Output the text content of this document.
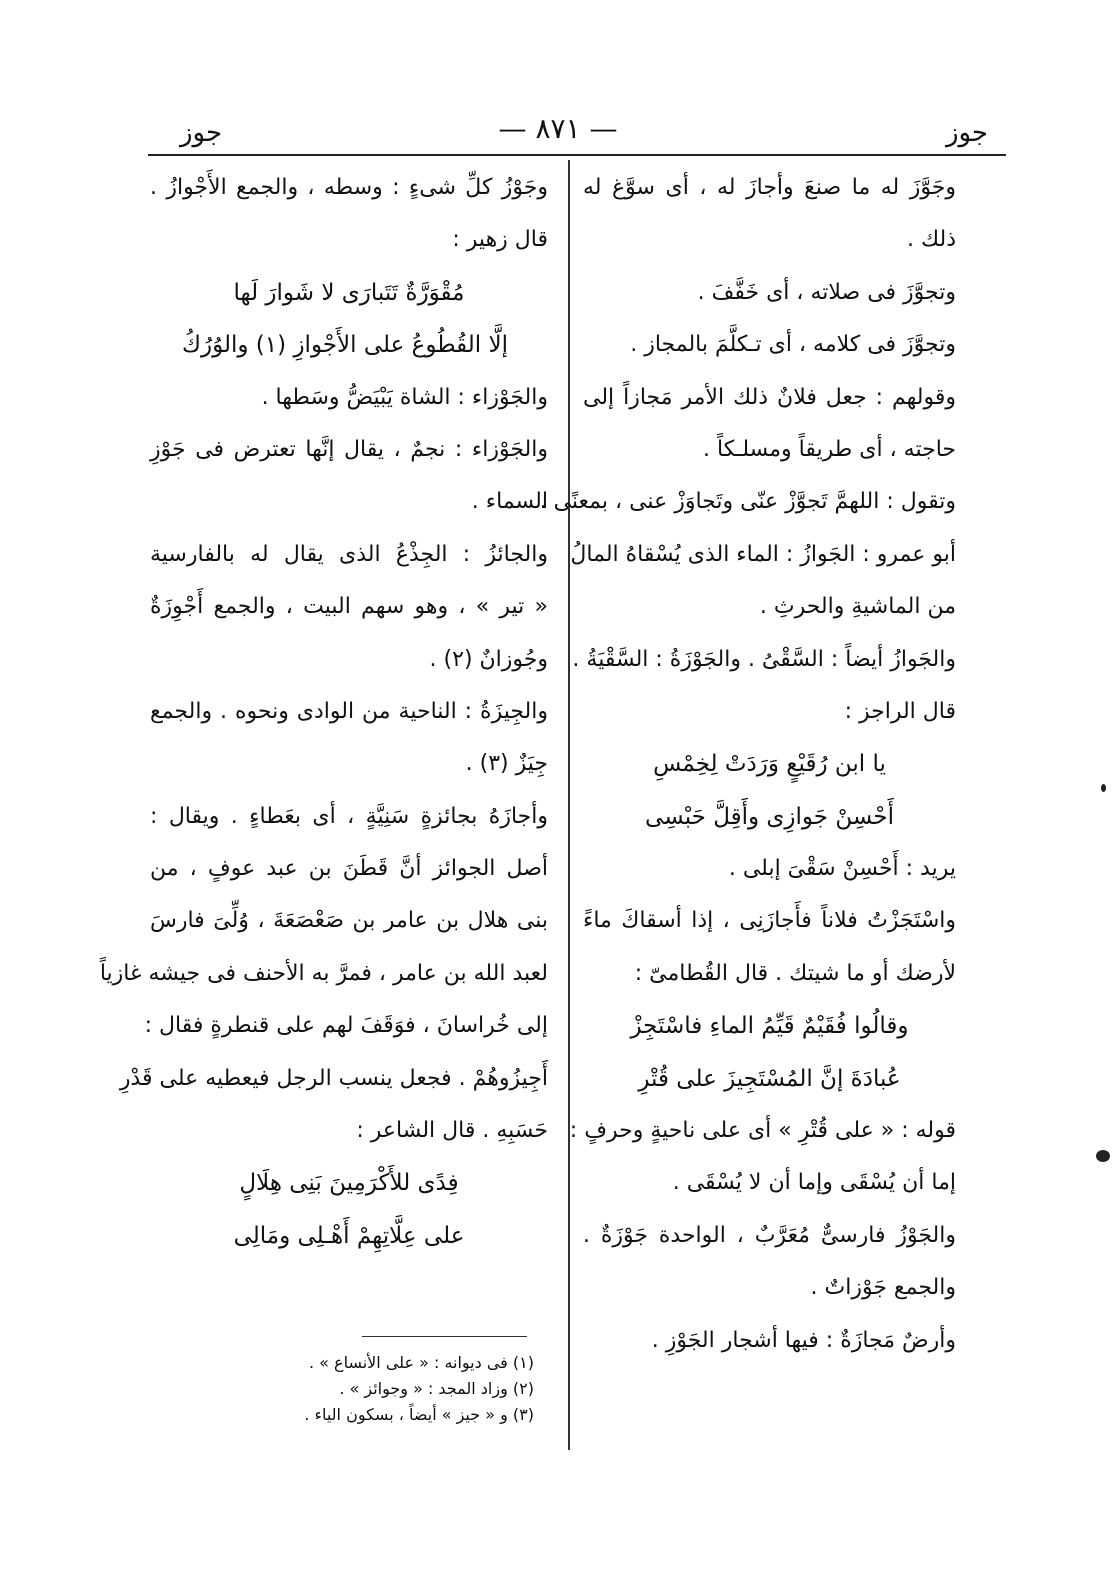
جوز
— ٨٧١ —
جوز
وجَوَّزَ له ما صنعَ وأجازَ له ، أى سوَّغ له
ذلك .
وتجوَّزَ فى صلاته ، أى خَفَّفَ .
وتجوَّزَ فى كلامه ، أى تـكلَّمَ بالمجاز .
وقولهم : جعل فلانٌ ذلك الأمر مَجازاً إلى
حاجته ، أى طريقاً ومسلـكاً .
وتقول : اللهمَّ تَجوَّزْ عنّى وتَجاوَزْ عنى ، بمعنًى .
أبو عمرو : الجَوازُ : الماء الذى يُسْقاهُ المالُ
من الماشيةِ والحرثِ .
والجَوازُ أيضاً : السَّقْىُ . والجَوْزَةُ : السَّقْيَةُ .
قال الراجز :
يا ابن رُقَيْعٍ وَرَدَتْ لِخِمْسِ
أَحْسِنْ جَوازِى وأَقِلَّ حَبْسِى
يريد : أَحْسِنْ سَقْىَ إبلى .
واسْتَجَزْتُ فلاناً فأَجازَنِى ، إذا أسقاكَ ماءً
لأرضك أو ما شيتك . قال القُطامىّ :
وقالُوا فُقَيْمٌ قَيِّمُ الماءِ فاسْتَجِزْ
عُبادَةَ إنَّ المُسْتَجِيزَ على قُتْرِ
قوله : « على قُتْرِ » أى على ناحيةٍ وحرفٍ :
إما أن يُسْقَى وإما أن لا يُسْقَى .
والجَوْزُ فارسىٌّ مُعَرَّبٌ ، الواحدة جَوْزَةٌ .
والجمع جَوْزاتٌ .
وأرضٌ مَجازَةٌ : فيها أشجار الجَوْزِ .
وجَوْزُ كلِّ شىءٍ : وسطه ، والجمع الأَجْوازُ .
قال زهير :
مُقْوَرَّةٌ تَتَبارَى لا شَوارَ لَها
إلَّا القُطُوعُ على الأَجْوازِ (١) والوُرُكُ
والجَوْزاء : الشاة يَبْيَضُّ وسَطها .
والجَوْزاء : نجمٌ ، يقال إنَّها تعترض فى جَوْزِ
السماء .
والجائزُ : الجِذْعُ الذى يقال له بالفارسية
« تير » ، وهو سهم البيت ، والجمع أَجْوِزَةٌ
وجُوزانٌ (٢) .
والجِيزَةُ : الناحية من الوادى ونحوه . والجمع
جِيَزٌ (٣) .
وأجازَهُ بجائزةٍ سَنِيَّةٍ ، أى بعَطاءٍ . ويقال :
أصل الجوائز أنَّ قَطَنَ بن عبد عوفٍ ، من
بنى هلال بن عامر بن صَعْصَعَةَ ، وُلِّىَ فارسَ
لعبد الله بن عامر ، فمرَّ به الأحنف فى جيشه غازياً
إلى خُراسانَ ، فوَقَفَ لهم على قنطرةٍ فقال :
أَجِيزُوهُمْ . فجعل ينسب الرجل فيعطيه على قَدْرِ
حَسَبِهِ . قال الشاعر :
فِدًى للأَكْرَمِينَ بَنِى هِلَالٍ
على عِلَّاتِهِمْ أَهْـلِى ومَالِى
(١) فى ديوانه : « على الأنساع » .
(٢) وزاد المجد : « وجوائز » .
(٣) و « جيز » أيضاً ، بسكون الياء .
